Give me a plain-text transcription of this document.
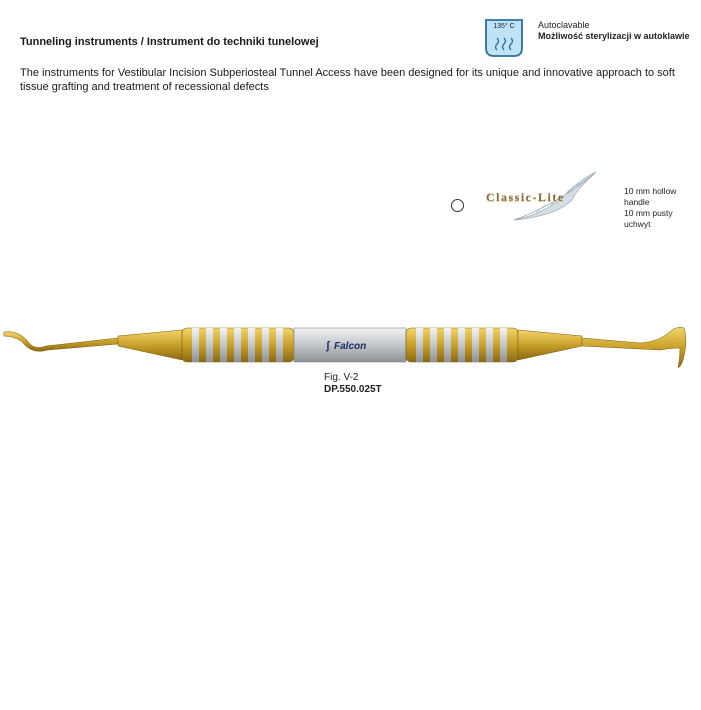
Tunneling instruments / Instrument do techniki tunelowej
The instruments for Vestibular Incision Subperiosteal Tunnel Access have been designed for its unique and innovative approach to soft tissue grafting and treatment of recessional defects
135° C	Autoclavable
Możliwość sterylizacji w autoklawie
Classic-Lite	10 mm hollow handle
10 mm pusty uchwyt
ʃ Falcon
Fig. V-2
DP.550.025T
